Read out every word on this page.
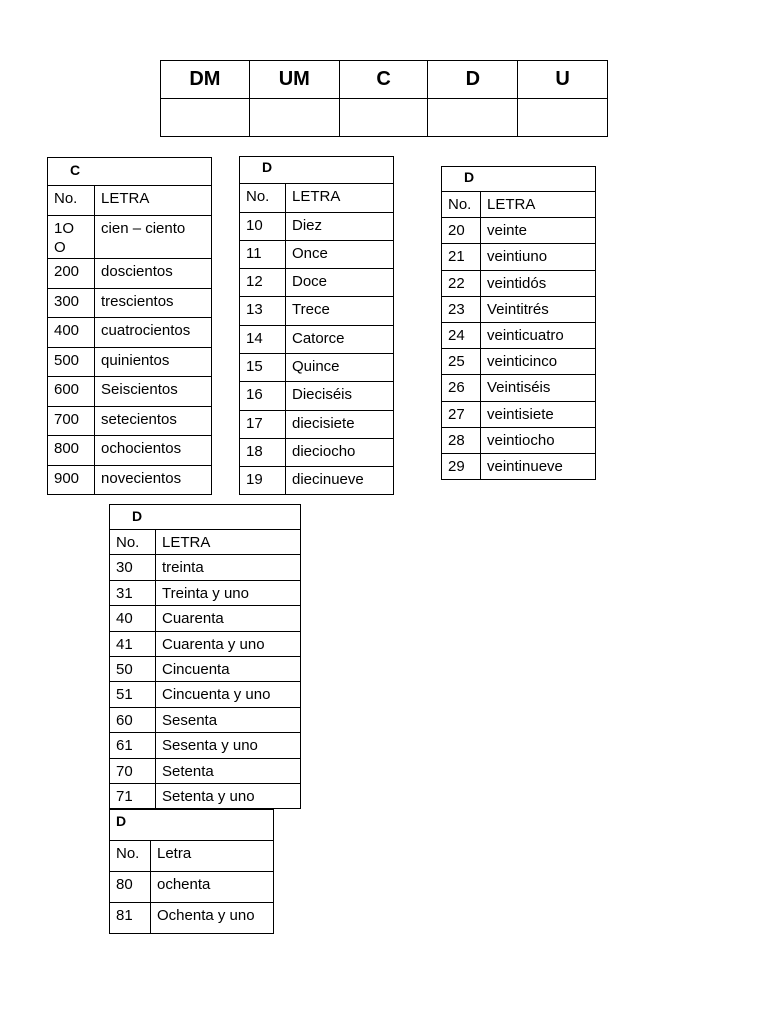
DM	UM	C	D	U

C	
No.	LETRA
1O O	cien – ciento
200	doscientos
300	trescientos
400	cuatrocientos
500	quinientos
600	Seiscientos
700	setecientos
800	ochocientos
900	novecientos
D	
No.	LETRA
10	Diez
11	Once
12	Doce
13	Trece
14	Catorce
15	Quince
16	Dieciséis
17	diecisiete
18	dieciocho
19	diecinueve
D	
No.	LETRA
20	veinte
21	veintiuno
22	veintidós
23	Veintitrés
24	veinticuatro
25	veinticinco
26	Veintiséis
27	veintisiete
28	veintiocho
29	veintinueve
D	
No.	LETRA
30	treinta
31	Treinta y uno
40	Cuarenta
41	Cuarenta y uno
50	Cincuenta
51	Cincuenta y uno
60	Sesenta
61	Sesenta y uno
70	Setenta
71	Setenta y uno
D	
No.	Letra
80	ochenta
81	Ochenta y uno
